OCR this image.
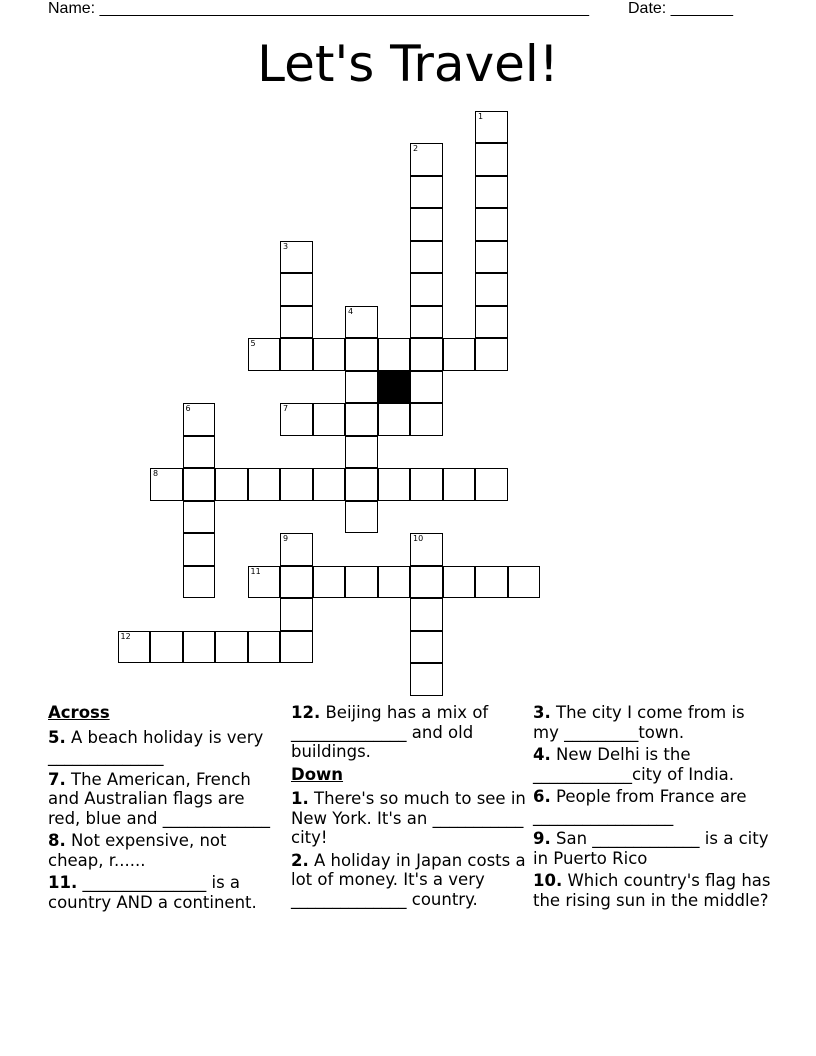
Name: _______________________________________________________ Date: _______
Let's Travel!
1
2
3
4
5
6	7
8
9	10
11
12
Across
5. A beach holiday is very ______________
7. The American, French and Australian flags are red, blue and _____________
8. Not expensive, not cheap, r......
11. _______________ is a country AND a continent.
12. Beijing has a mix of ______________ and old buildings.
Down
1. There's so much to see in New York. It's an ___________ city!
2. A holiday in Japan costs a lot of money. It's a very ______________ country.
3. The city I come from is my _________town.
4. New Delhi is the ____________city of India.
6. People from France are _________________
9. San _____________ is a city in Puerto Rico
10. Which country's flag has the rising sun in the middle?
